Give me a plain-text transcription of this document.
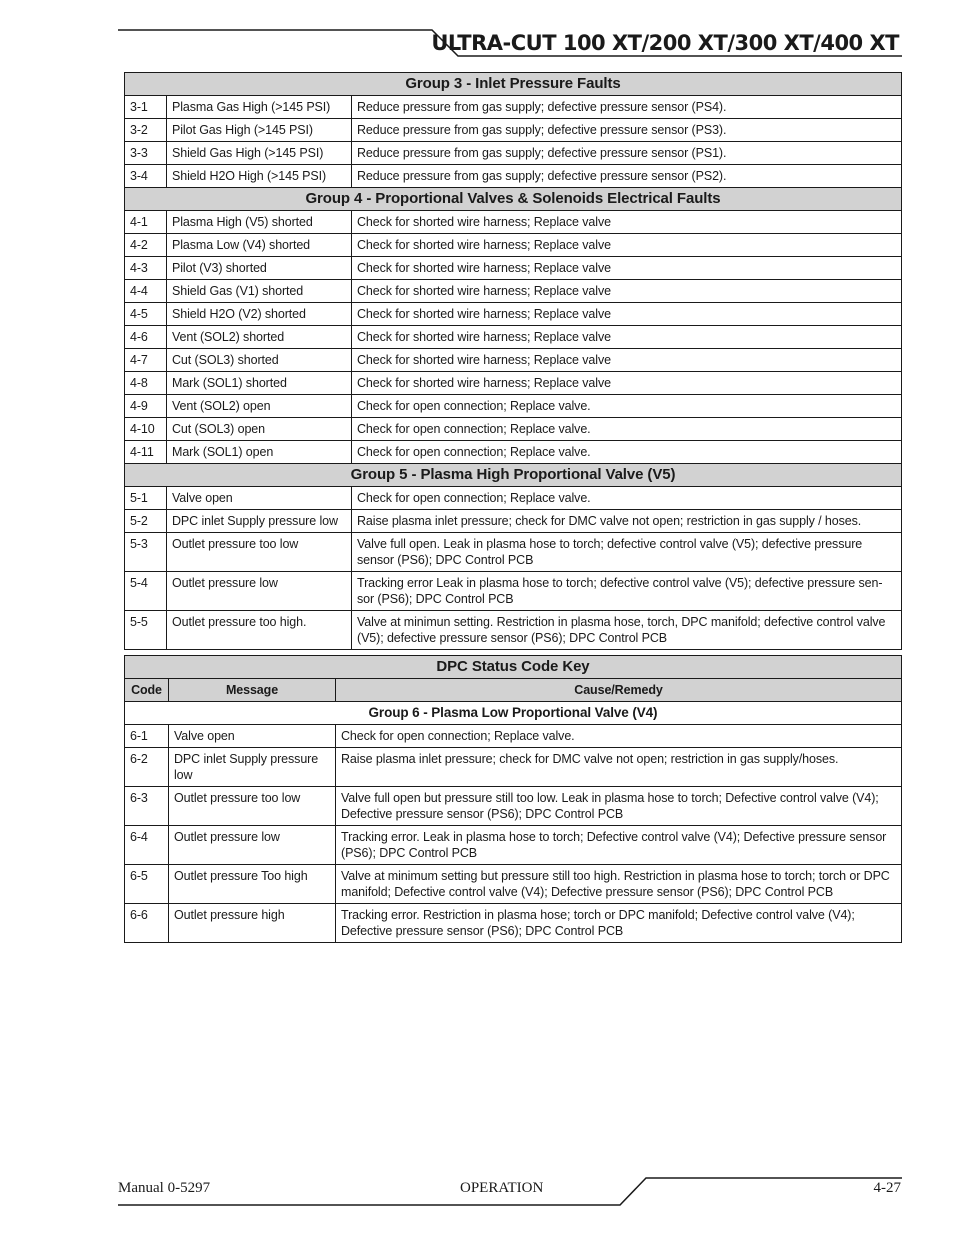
ULTRA-CUT 100 XT/200 XT/300 XT/400 XT
Group 3 - Inlet Pressure Faults		
3-1	Plasma Gas High (>145 PSI)	Reduce pressure from gas supply; defective pressure sensor (PS4).
3-2	Pilot Gas High (>145 PSI)	Reduce pressure from gas supply; defective pressure sensor (PS3).
3-3	Shield Gas High (>145 PSI)	Reduce pressure from gas supply; defective pressure sensor (PS1).
3-4	Shield H2O High (>145 PSI)	Reduce pressure from gas supply; defective pressure sensor (PS2).
Group 4 - Proportional Valves & Solenoids Electrical Faults		
4-1	Plasma High (V5) shorted	Check for shorted wire harness; Replace valve
4-2	Plasma Low (V4) shorted	Check for shorted wire harness; Replace valve
4-3	Pilot (V3) shorted	Check for shorted wire harness; Replace valve
4-4	Shield Gas (V1) shorted	Check for shorted wire harness; Replace valve
4-5	Shield H2O (V2) shorted	Check for shorted wire harness; Replace valve
4-6	Vent (SOL2) shorted	Check for shorted wire harness; Replace valve
4-7	Cut (SOL3) shorted	Check for shorted wire harness; Replace valve
4-8	Mark (SOL1) shorted	Check for shorted wire harness; Replace valve
4-9	Vent (SOL2) open	Check for open connection; Replace valve.
4-10	Cut (SOL3) open	Check for open connection; Replace valve.
4-11	Mark (SOL1) open	Check for open connection; Replace valve.
Group 5 - Plasma High Proportional Valve (V5)		
5-1	Valve open	Check for open connection; Replace valve.
5-2	DPC inlet Supply pressure low	Raise plasma inlet pressure; check for DMC valve not open; restriction in gas supply / hoses.
5-3	Outlet pressure too low	Valve full open. Leak in plasma hose to torch; defective control valve (V5); defective pressure sensor (PS6); DPC Control PCB
5-4	Outlet pressure low	Tracking error Leak in plasma hose to torch; defective control valve (V5); defective pressure sen-sor (PS6); DPC Control PCB
5-5	Outlet pressure too high.	Valve at minimun setting. Restriction in plasma hose, torch, DPC manifold; defective control valve (V5); defective pressure sensor (PS6); DPC Control PCB
DPC Status Code Key		
Code	Message	Cause/Remedy
Group 6 - Plasma Low Proportional Valve (V4)		
6-1	Valve open	Check for open connection; Replace valve.
6-2	DPC inlet Supply pressure low	Raise plasma inlet pressure; check for DMC valve not open; restriction in gas supply/hoses.
6-3	Outlet pressure too low	Valve full open but pressure still too low. Leak in plasma hose to torch; Defective control valve (V4); Defective pressure sensor (PS6); DPC Control PCB
6-4	Outlet pressure low	Tracking error. Leak in plasma hose to torch; Defective control valve (V4); Defective pressure sensor (PS6); DPC Control PCB
6-5	Outlet pressure Too high	Valve at minimum setting but pressure still too high. Restriction in plasma hose to torch; torch or DPC manifold; Defective control valve (V4); Defective pressure sensor (PS6); DPC Control PCB
6-6	Outlet pressure high	Tracking error. Restriction in plasma hose; torch or DPC manifold; Defective control valve (V4); Defective pressure sensor (PS6); DPC Control PCB
Manual 0-5297	OPERATION	4-27
